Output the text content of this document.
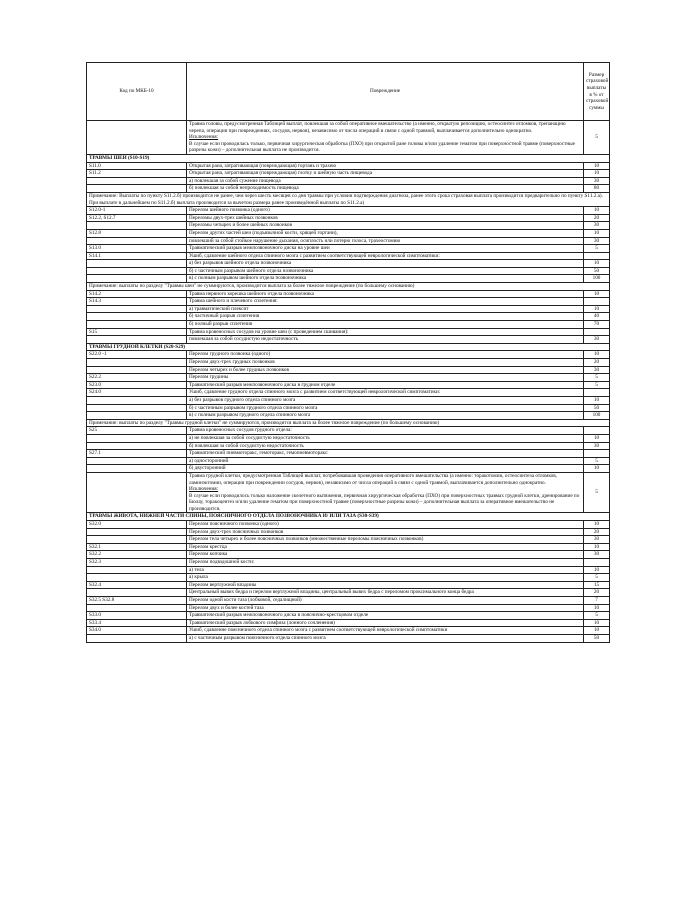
Код по МКБ-10	Повреждение	Размер страховой выплаты в % от страховой суммы

	Травма головы, предусмотренная Таблицей выплат, повлекшая за собой оперативное вмешательство (а именно, открытую репозицию, остеосинтез отломков, трепанацию черепа, операции при повреждениях, сосудов, нервов), независимо от числа операций в связи с одной травмой, выплачивается дополнительно однократно.
Исключения:
В случае если проводилась только, первичная хирургическая обработка (ПХО) при открытой ране головы и/или удаление гематом при поверхностной травме (поверхностные разрезы кожи) – дополнительная выплата не производится.	5
ТРАВМЫ ШЕИ (S10-S19)		
S11.0	Открытая рана, затрагивающая (повреждающая) гортань и трахею	10
S11.2	Открытая рана, затрагивающая (повреждающая) глотку и шейную часть пищевода	10
	а) повлекшая за собой сужение пищевода	30
	б) повлекшая за собой непроходимость пищевода	80
Примечание: Выплаты по пункту S11.2.б) производится не ранее, чем через шесть месяцев со дня травмы при условии подтверждения диагноза, ранее этого срока страховая выплата производится предварительно по пункту S11.2.а). При выплате в дальнейшем по S11.2.б) выплата производится за вычетом размера ранее произведённой выплаты по S11.2.а)		
S12.0-1	Перелом шейного позвонка (одного)	10
S12.2, S12.7	Переломы двух-трех шейных позвонков	20
	Переломы четырех и более шейных позвонков	30
S12.8	Перелом других частей шеи (подъязычной кости, хрящей гортани),	10
	повлекший за собой стойкое нарушение дыхания, осиплость или потерю голоса, трахеостомию	30
S13.0	Травматический разрыв межпозвоночного диска на уровне шеи	5
S14.1	Ушиб, сдавление шейного отдела спинного мозга с развитием соответствующей неврологической симптоматики:	
	а) без разрывов шейного отдела позвоночника	10
	б) с частичным разрывом шейного отдела позвоночника	50
	в) с полным разрывом шейного отдела позвоночника	100
Примечание: выплаты по разделу "Травмы шеи" не суммируются, производится выплата за более тяжелое повреждение (по большему основанию)		
S14.2	Травма нервного корешка шейного отдела позвоночника	10
S14.3	Травма шейного и плечевого сплетения:	
	а) травматический плексит	10
	б) частичный разрыв сплетения	40
	б) полный разрыв сплетения	70
S15	Травма кровеносных сосудов на уровне шеи (с проведением сшивания):	
	повлекшая за собой сосудистую недостаточность	30
ТРАВМЫ ГРУДНОЙ КЛЕТКИ (S20-S29)		
S22.0 -1	Перелом грудного позвонка (одного)	10
	Перелом двух-трех грудных позвонков	20
	Перелом четырех и более грудных позвонков	30
S22.2	Перелом грудины	5
S23.0	Травматический разрыв межпозвоночного диска в грудном отделе	5
S24.0	Ушиб, сдавление грудного отдела спинного мозга с развитием соответствующей неврологической симптоматики:	
	а) без разрывов грудного отдела спинного мозга	10
	б) с частичным разрывом грудного отдела спинного мозга	50
	в) с полным разрывом грудного отдела спинного мозга	100
Примечание: выплаты по разделу "Травмы грудной клетки" не суммируются, производится выплата за более тяжелое повреждение (по большему основанию)		
S25	Травма кровеносных сосудов грудного отдела:	
	а) не повлекшая за собой сосудистую недостаточность	10
	б) повлекшая за собой сосудистую недостаточность	30
S27.1	Травматический пневмоторакс, гемоторакс, гемопневмоторакс:	
	а) односторонний	5
	б) двусторонний	10

	Травма грудной клетки, предусмотренная Таблицей выплат, потребовавшая проведения оперативного вмешательства (а именно: торакотомии, остеосинтеза отломков, ламинэктомии, операции при повреждении сосудов, нервов), независимо от числа операций в связи с одной травмой, выплачивается дополнительно однократно.
Исключения:
В случае если проводилось только наложение скелетного вытяжения, первичная хирургическая обработка (ПХО) при поверхностных травмах грудной клетки, дренирование по Бюлау, торакоцентез и/или удаление гематом при поверхностной травме (поверхностные разрезы кожи) – дополнительная выплата за оперативное вмешательство не производится.	5
ТРАВМЫ ЖИВОТА, НИЖНЕЙ ЧАСТИ СПИНЫ, ПОЯСНИЧНОГО ОТДЕЛА ПОЗВОНОЧНИКА И/ ИЛИ ТАЗА (S30-S39)		
S32.0	Перелом поясничного позвонка (одного)	10
	Перелом двух-трех поясничных позвонков	20
	Перелом тела четырех и более поясничных позвонков (множественные переломы поясничных позвонков)	30
S32.1	Перелом крестца	10
S32.2	Перелом копчика	30
S32.3	Перелом подвздошной кости:	
	а) тела	10
	а) крыла	5
S32.4	Перелом вертлужной впадины	15
	Центральный вывих бедра и перелом вертлужной впадины, центральный вывих бедра с переломом проксимального конца бедра	20
S32.5 S32.8	Перелом одной кости таза (лобковой, седалищной)	7
	Перелом двух и более костей таза	10
S33.0	Травматический разрыв межпозвоночного диска в пояснично-крестцовом отделе	5
S33.4	Травматический разрыв лобкового симфиза (лонного сочленения)	10
S34.0	Ушиб, сдавление поясничного отдела спинного мозга с развитием соответствующей неврологической симптоматики	10
	а) с частичным разрывом поясничного отдела спинного мозга	50
